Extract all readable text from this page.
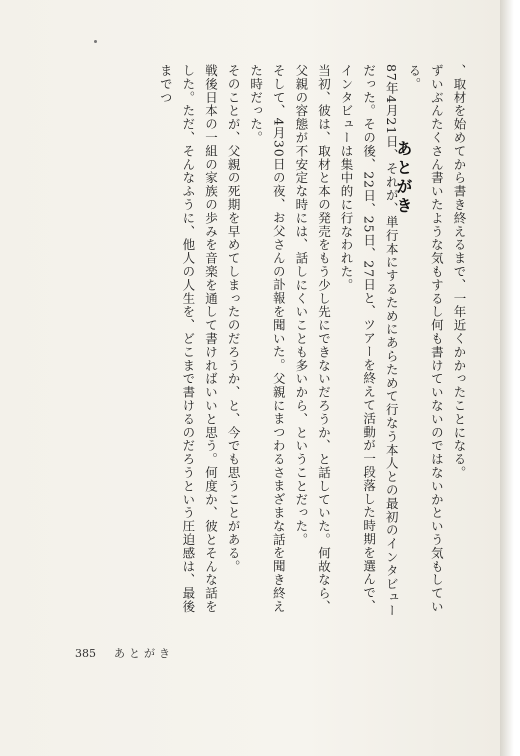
あとがき	、取材を始めてから書き終えるまで、一年近くかかったことになる。

ずいぶんたくさん書いたような気もするし何も書けていないのではないかという気もしている。

87年4月21日、それが、単行本にするためにあらためて行なう本人との最初のインタビューだった。その後、22日、25日、27日と、ツアーを終えて活動が一段落した時期を選んで、インタビューは集中的に行なわれた。

当初、彼は、取材と本の発売をもう少し先にできないだろうか、と話していた。何故なら、父親の容態が不安定な時には、話しにくいことも多いから、ということだった。

そして、4月30日の夜、お父さんの訃報を聞いた。父親にまつわるさまざまな話を聞き終えた時だった。

そのことが、父親の死期を早めてしまったのだろうか、と、今でも思うことがある。

戦後日本の一組の家族の歩みを音楽を通して書ければいいと思う。何度か、彼とそんな話をした。ただ、そんなふうに、他人の人生を、どこまで書けるのだろうという圧迫感は、最後までつ

385 あとがき
